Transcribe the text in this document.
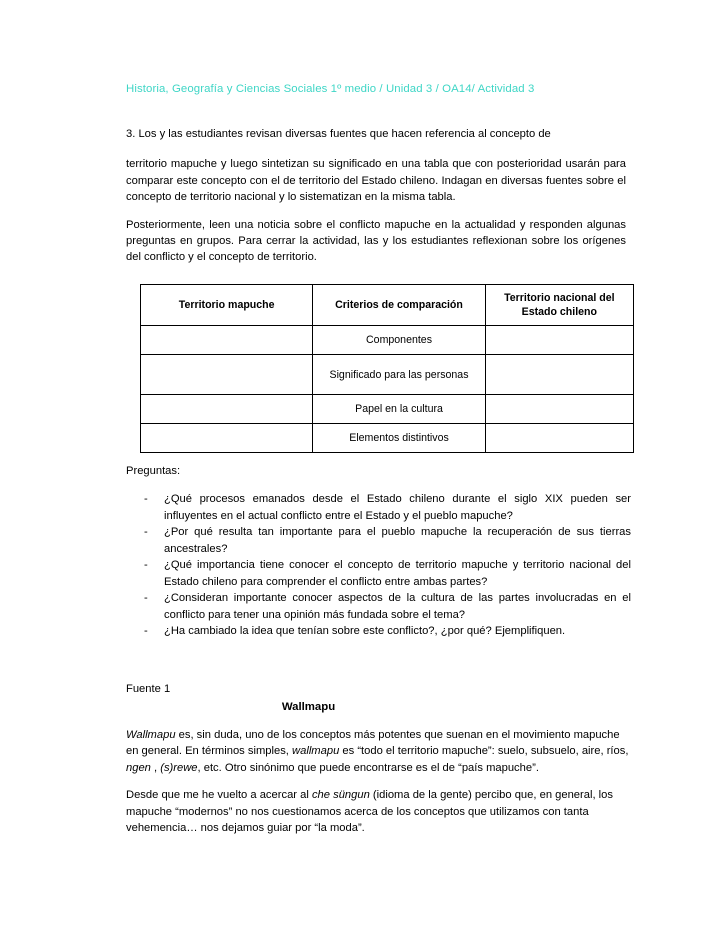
Historia, Geografía y Ciencias Sociales 1º medio / Unidad 3 / OA14/ Actividad 3

3. Los y las estudiantes revisan diversas fuentes que hacen referencia al concepto de

territorio mapuche y luego sintetizan su significado en una tabla que con posterioridad usarán para comparar este concepto con el de territorio del Estado chileno. Indagan en diversas fuentes sobre el concepto de territorio nacional y lo sistematizan en la misma tabla.

Posteriormente, leen una noticia sobre el conflicto mapuche en la actualidad y responden algunas preguntas en grupos. Para cerrar la actividad, las y los estudiantes reflexionan sobre los orígenes del conflicto y el concepto de territorio.

Territorio mapuche	Criterios de comparación	Territorio nacional del Estado chileno
	Componentes	
	Significado para las personas	
	Papel en la cultura	
	Elementos distintivos	
Preguntas:
- ¿Qué procesos emanados desde el Estado chileno durante el siglo XIX pueden ser influyentes en el actual conflicto entre el Estado y el pueblo mapuche?
- ¿Por qué resulta tan importante para el pueblo mapuche la recuperación de sus tierras ancestrales?
- ¿Qué importancia tiene conocer el concepto de territorio mapuche y territorio nacional del Estado chileno para comprender el conflicto entre ambas partes?
- ¿Consideran importante conocer aspectos de la cultura de las partes involucradas en el conflicto para tener una opinión más fundada sobre el tema?
- ¿Ha cambiado la idea que tenían sobre este conflicto?, ¿por qué? Ejemplifiquen.
Fuente 1
Wallmapu

Wallmapu es, sin duda, uno de los conceptos más potentes que suenan en el movimiento mapuche en general. En términos simples, wallmapu es “todo el territorio mapuche”: suelo, subsuelo, aire, ríos, ngen , (s)rewe, etc. Otro sinónimo que puede encontrarse es el de “país mapuche”.

Desde que me he vuelto a acercar al che süngun (idioma de la gente) percibo que, en general, los mapuche “modernos” no nos cuestionamos acerca de los conceptos que utilizamos con tanta vehemencia… nos dejamos guiar por “la moda”.
